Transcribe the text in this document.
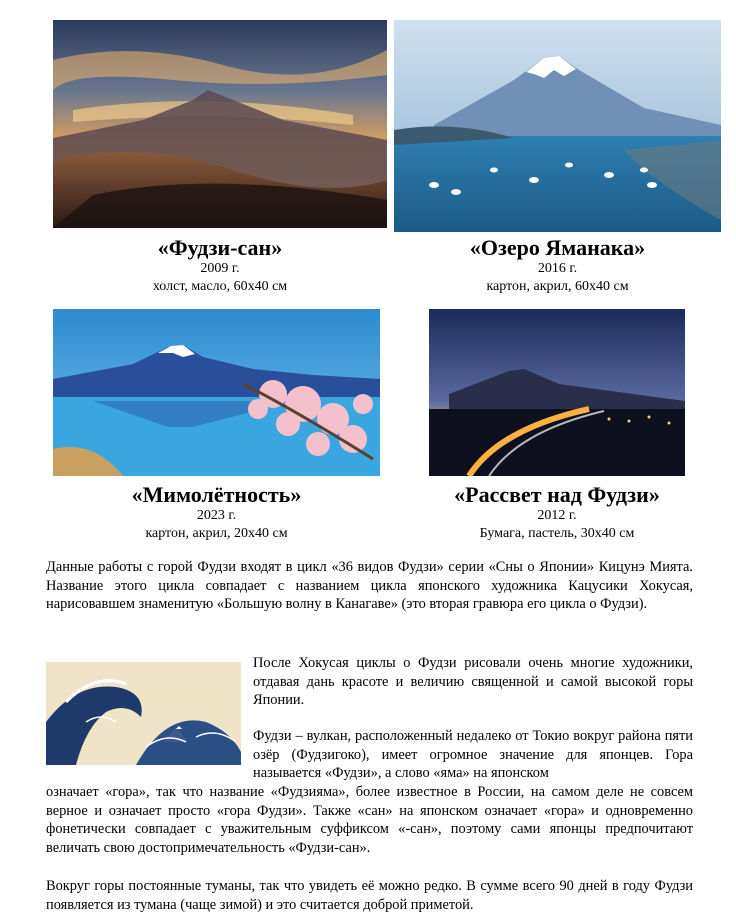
«Фудзи-сан»
2009 г.
холст, масло, 60х40 см
«Озеро Яманака»
2016 г.
картон, акрил, 60х40 см
«Мимолётность»
2023 г.
картон, акрил, 20х40 см
«Рассвет над Фудзи»
2012 г.
Бумага, пастель, 30х40 см

Данные работы с горой Фудзи входят в цикл «36 видов Фудзи» серии «Сны о Японии» Кицунэ Мията. Название этого цикла совпадает с названием цикла японского художника Кацусики Хокусая, нарисовавшем знаменитую «Большую волну в Канагаве» (это вторая гравюра его цикла о Фудзи).

После Хокусая циклы о Фудзи рисовали очень многие художники, отдавая дань красоте и величию священной и самой высокой горы Японии.

Фудзи – вулкан, расположенный недалеко от Токио вокруг района пяти озёр (Фудзигоко), имеет огромное значение для японцев. Гора называется «Фудзи», а слово «яма» на японском

означает «гора», так что название «Фудзияма», более известное в России, на самом деле не совсем верное и означает просто «гора Фудзи». Также «сан» на японском означает «гора» и одновременно фонетически совпадает с уважительным суффиксом «-сан», поэтому сами японцы предпочитают величать свою достопримечательность «Фудзи-сан».

Вокруг горы постоянные туманы, так что увидеть её можно редко. В сумме всего 90 дней в году Фудзи появляется из тумана (чаще зимой) и это считается доброй приметой.
